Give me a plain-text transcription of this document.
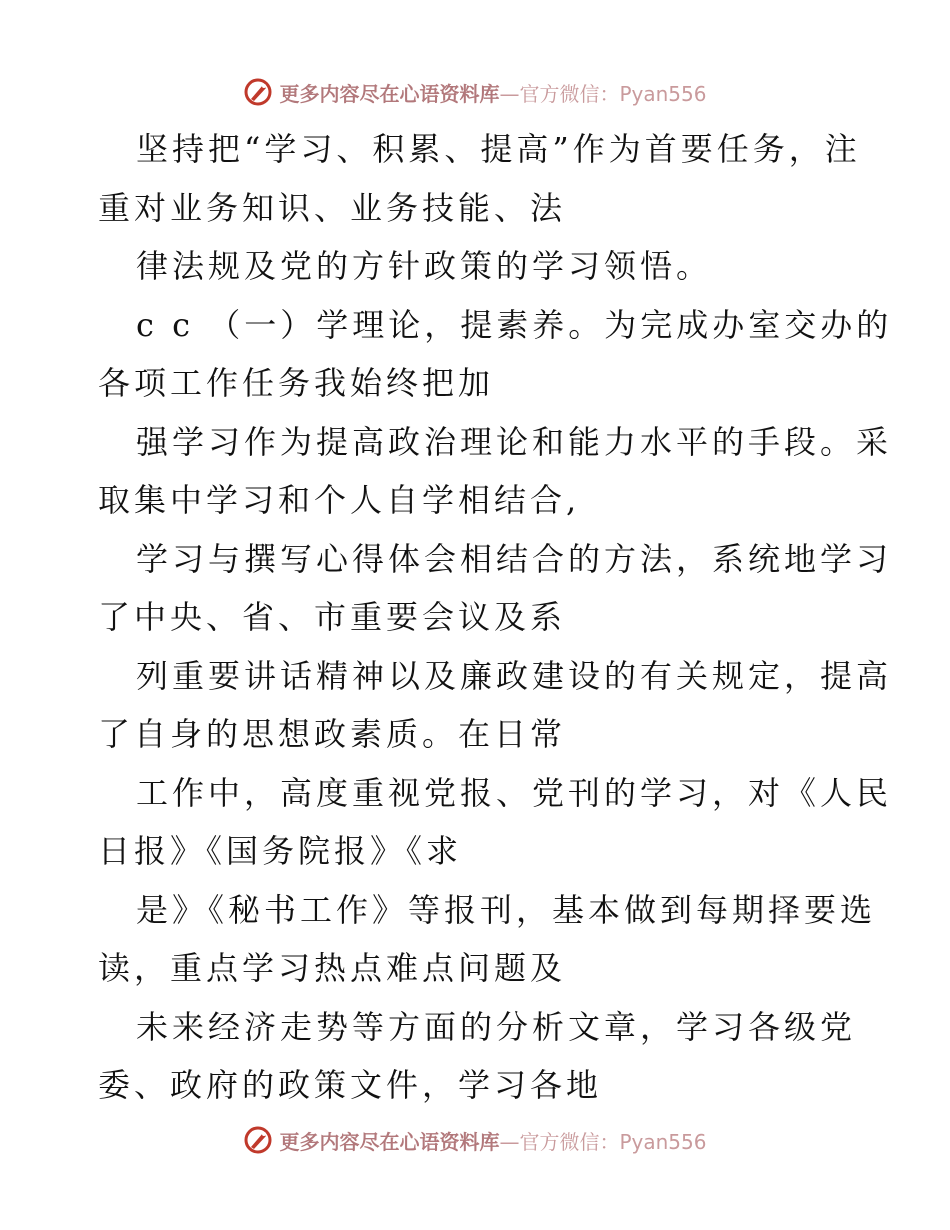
更多内容尽在心语资料库—官方微信：Pyan556
坚持把“学习、积累、提高”作为首要任务，注
重对业务知识、业务技能、法
律法规及党的方针政策的学习领悟。
c c （一）学理论，提素养。为完成办室交办的
各项工作任务我始终把加
强学习作为提高政治理论和能力水平的手段。采
取集中学习和个人自学相结合,
学习与撰写心得体会相结合的方法，系统地学习
了中央、省、市重要会议及系
列重要讲话精神以及廉政建设的有关规定，提高
了自身的思想政素质。在日常
工作中，高度重视党报、党刊的学习，对《人民
日报》《国务院报》《求
是》《秘书工作》等报刊，基本做到每期择要选
读，重点学习热点难点问题及
未来经济走势等方面的分析文章，学习各级党
委、政府的政策文件，学习各地
更多内容尽在心语资料库—官方微信：Pyan556
